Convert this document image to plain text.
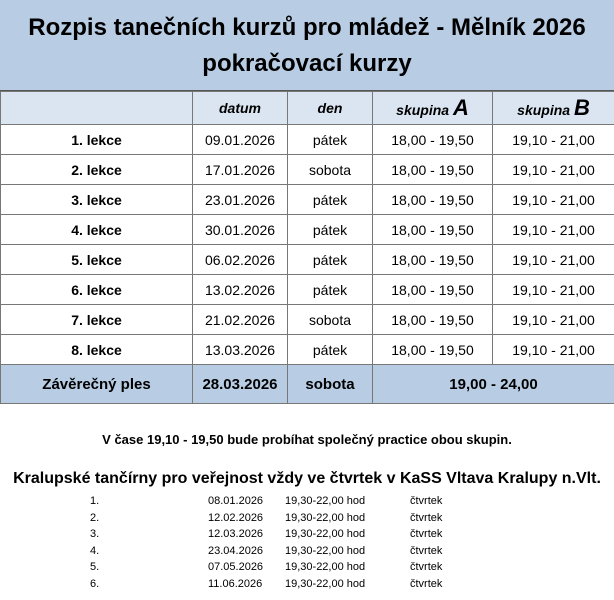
Rozpis tanečních kurzů pro mládež - Mělník 2026
pokračovací kurzy
	datum	den	skupina A	skupina B
1. lekce	09.01.2026	pátek	18,00 - 19,50	19,10 - 21,00
2. lekce	17.01.2026	sobota	18,00 - 19,50	19,10 - 21,00
3. lekce	23.01.2026	pátek	18,00 - 19,50	19,10 - 21,00
4. lekce	30.01.2026	pátek	18,00 - 19,50	19,10 - 21,00
5. lekce	06.02.2026	pátek	18,00 - 19,50	19,10 - 21,00
6. lekce	13.02.2026	pátek	18,00 - 19,50	19,10 - 21,00
7. lekce	21.02.2026	sobota	18,00 - 19,50	19,10 - 21,00
8. lekce	13.03.2026	pátek	18,00 - 19,50	19,10 - 21,00
Závěrečný ples	28.03.2026	sobota	19,00 - 24,00	
V čase 19,10 - 19,50 bude probíhat společný practice obou skupin.
Kralupské tančírny pro veřejnost vždy ve čtvrtek v KaSS Vltava Kralupy n.Vlt.
1.	08.01.2026 19,30-22,00 hod	čtvrtek
2.	12.02.2026 19,30-22,00 hod	čtvrtek
3.	12.03.2026 19,30-22,00 hod	čtvrtek
4.	23.04.2026 19,30-22,00 hod	čtvrtek
5.	07.05.2026 19,30-22,00 hod	čtvrtek
6.	11.06.2026 19,30-22,00 hod	čtvrtek
